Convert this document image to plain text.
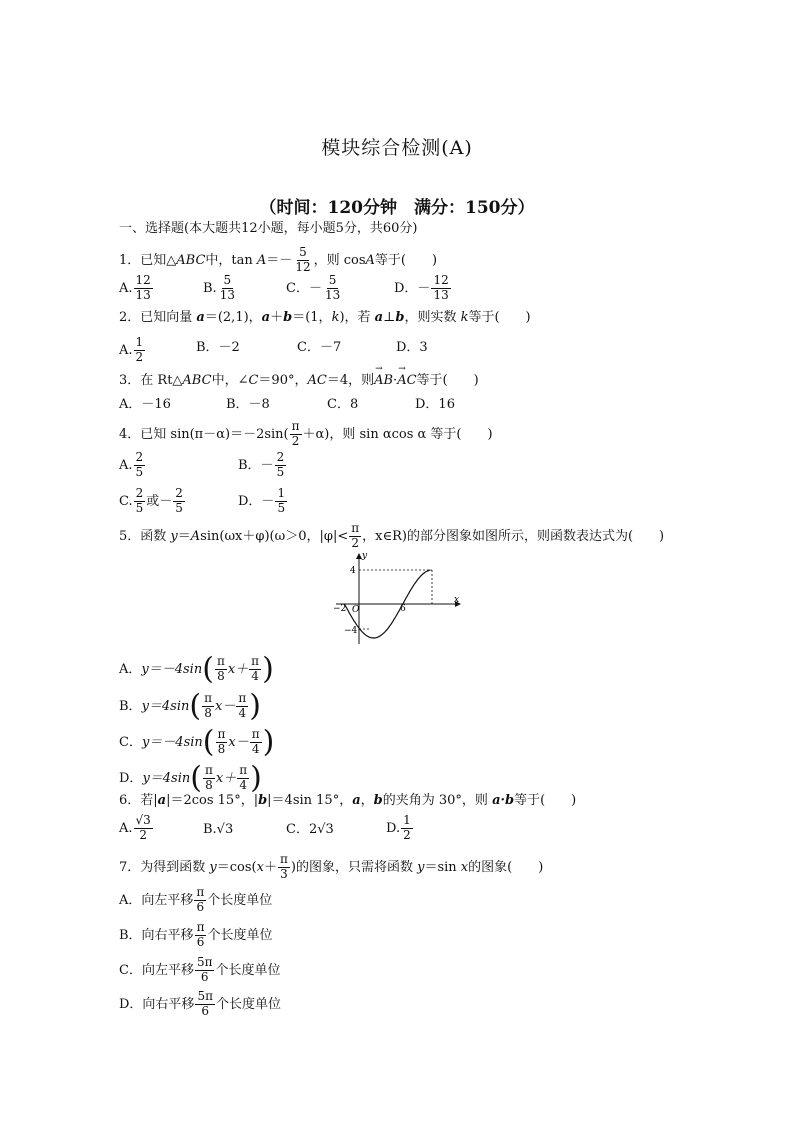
模块综合检测(A)
（时间：120分钟　满分：150分）
一、选择题(本大题共12小题，每小题5分，共60分)
1．已知△ABC中，$\tan A=- \frac{5}{12}$ ，则 cosA等于(　　)
A. $\frac{12}{13}$	B. $\frac{5}{13}$	C．－ $\frac{5}{13}$	D．－ $\frac{12}{13}$
2．已知向量 a＝(2,1)，a＋b＝(1，k)，若 a⊥b，则实数 k等于(　　)
A. $\frac{1}{2}$	B．－2	C．－7	D．3
3．在 Rt△ABC中，∠C＝90°，AC＝4，则→ AB·→ AC等于(　　)
A．－16	B．－8	C．8	D．16
4．已知 $\sin(\pi-\alpha)=-2\sin( \frac{\pi}{2} +\alpha)$，则 sin αcos α 等于(　　)
A. $\frac{2}{5}$	B．－ $\frac{2}{5}$
C. $\frac{2}{5}$ 或－ $\frac{2}{5}$	D．－ $\frac{1}{5}$
5．函数 y＝Asin(ωx＋φ)(ω＞0，$|\varphi|< \frac{\pi}{2}$ ，x∈R)的部分图象如图所示，则函数表达式为(　　)
y
x
O
4
−4
−2	6
A．$y=-4\sin( \frac{\pi}{8} x+ \frac{\pi}{4}$ )
B．$y=4\sin( \frac{\pi}{8} x- \frac{\pi}{4}$ )
C．$y=-4\sin( \frac{\pi}{8} x- \frac{\pi}{4}$ )
D．$y=4\sin( \frac{\pi}{8} x+ \frac{\pi}{4}$ )
6．若|a|＝2cos 15°，|b|＝4sin 15°，a，b的夹角为 30°，则 a·b等于(　　)
A. $\frac{√3}{2}$	B.√3	C．2√3	D. $\frac{1}{2}$
7．为得到函数 $y=\cos(x+ \frac{\pi}{3}$ )的图象，只需将函数 y＝sin x的图象(　　)
A．向左平移 $\frac{\pi}{6}$ 个长度单位
B．向右平移 $\frac{\pi}{6}$ 个长度单位
C．向左平移 $\frac{5\pi}{6}$ 个长度单位
D．向右平移 $\frac{5\pi}{6}$ 个长度单位
